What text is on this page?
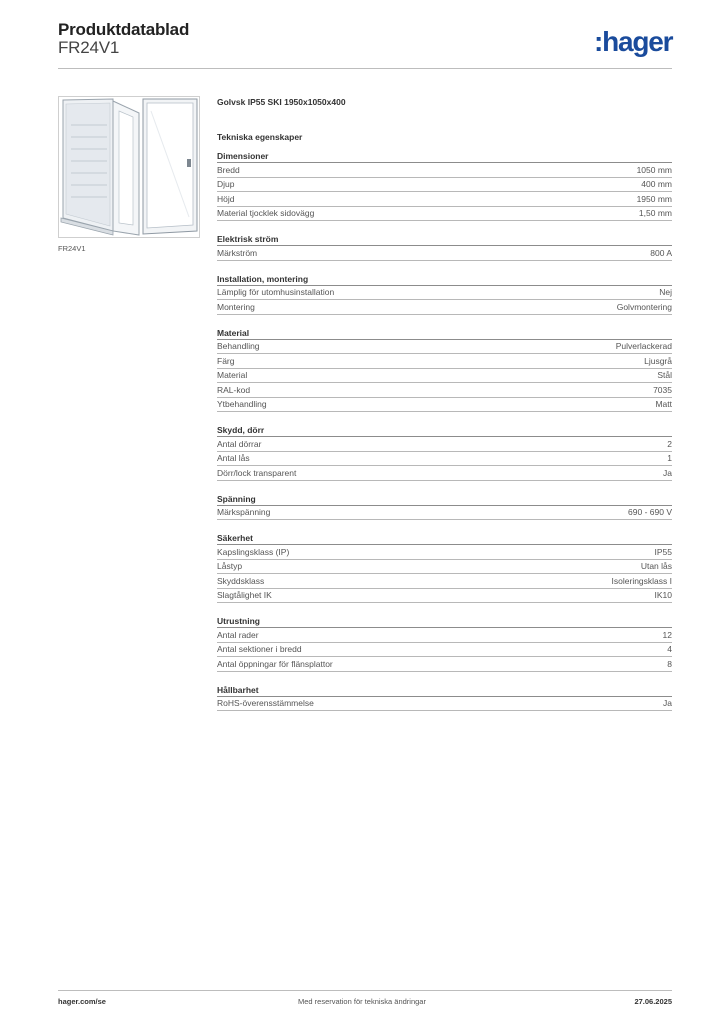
Produktdatablad
FR24V1	:hager
FR24V1
Golvsk IP55 SKI 1950x1050x400
Tekniska egenskaper
Dimensioner
Bredd	1050 mm
Djup	400 mm
Höjd	1950 mm
Material tjocklek sidovägg	1,50 mm
Elektrisk ström
Märkström	800 A
Installation, montering
Lämplig för utomhusinstallation	Nej
Montering	Golvmontering
Material
Behandling	Pulverlackerad
Färg	Ljusgrå
Material	Stål
RAL-kod	7035
Ytbehandling	Matt
Skydd, dörr
Antal dörrar	2
Antal lås	1
Dörr/lock transparent	Ja
Spänning
Märkspänning	690 - 690 V
Säkerhet
Kapslingsklass (IP)	IP55
Låstyp	Utan lås
Skyddsklass	Isoleringsklass I
Slagtålighet IK	IK10
Utrustning
Antal rader	12
Antal sektioner i bredd	4
Antal öppningar för flänsplattor	8
Hållbarhet
RoHS-överensstämmelse	Ja
hager.com/se	Med reservation för tekniska ändringar	27.06.2025
